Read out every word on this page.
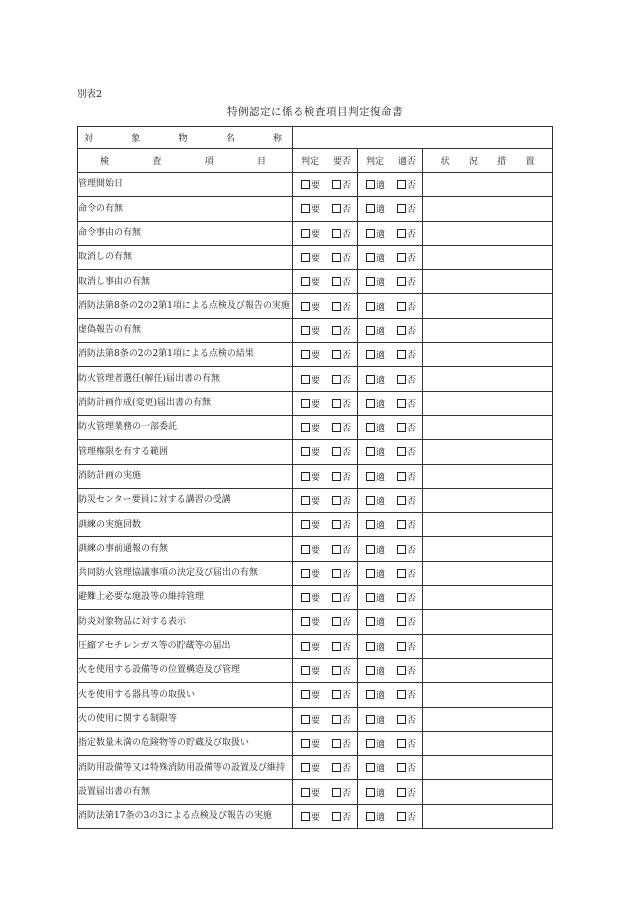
別表2
特例認定に係る検査項目判定復命書
対 象 物 名 称			

検 査 項 目	判定 要否	判定 適否	状 況 措 置

管理開始日	要 否	適 否	

命令の有無	要 否	適 否	

命令事由の有無	要 否	適 否	

取消しの有無	要 否	適 否	

取消し事由の有無	要 否	適 否	

消防法第8条の2の2第1項による点検及び報告の実施	要 否	適 否	

虚偽報告の有無	要 否	適 否	

消防法第8条の2の2第1項による点検の結果	要 否	適 否	

防火管理者選任(解任)届出書の有無	要 否	適 否	

消防計画作成(変更)届出書の有無	要 否	適 否	

防火管理業務の一部委託	要 否	適 否	

管理権限を有する範囲	要 否	適 否	

消防計画の実施	要 否	適 否	

防災センター要員に対する講習の受講	要 否	適 否	

訓練の実施回数	要 否	適 否	

訓練の事前通報の有無	要 否	適 否	

共同防火管理協議事項の決定及び届出の有無	要 否	適 否	

避難上必要な施設等の維持管理	要 否	適 否	

防炎対象物品に対する表示	要 否	適 否	

圧縮アセチレンガス等の貯蔵等の届出	要 否	適 否	

火を使用する設備等の位置構造及び管理	要 否	適 否	

火を使用する器具等の取扱い	要 否	適 否	

火の使用に関する制限等	要 否	適 否	

指定数量未満の危険物等の貯蔵及び取扱い	要 否	適 否	

消防用設備等又は特殊消防用設備等の設置及び維持	要 否	適 否	

設置届出書の有無	要 否	適 否	

消防法第17条の3の3による点検及び報告の実施	要 否	適 否	
